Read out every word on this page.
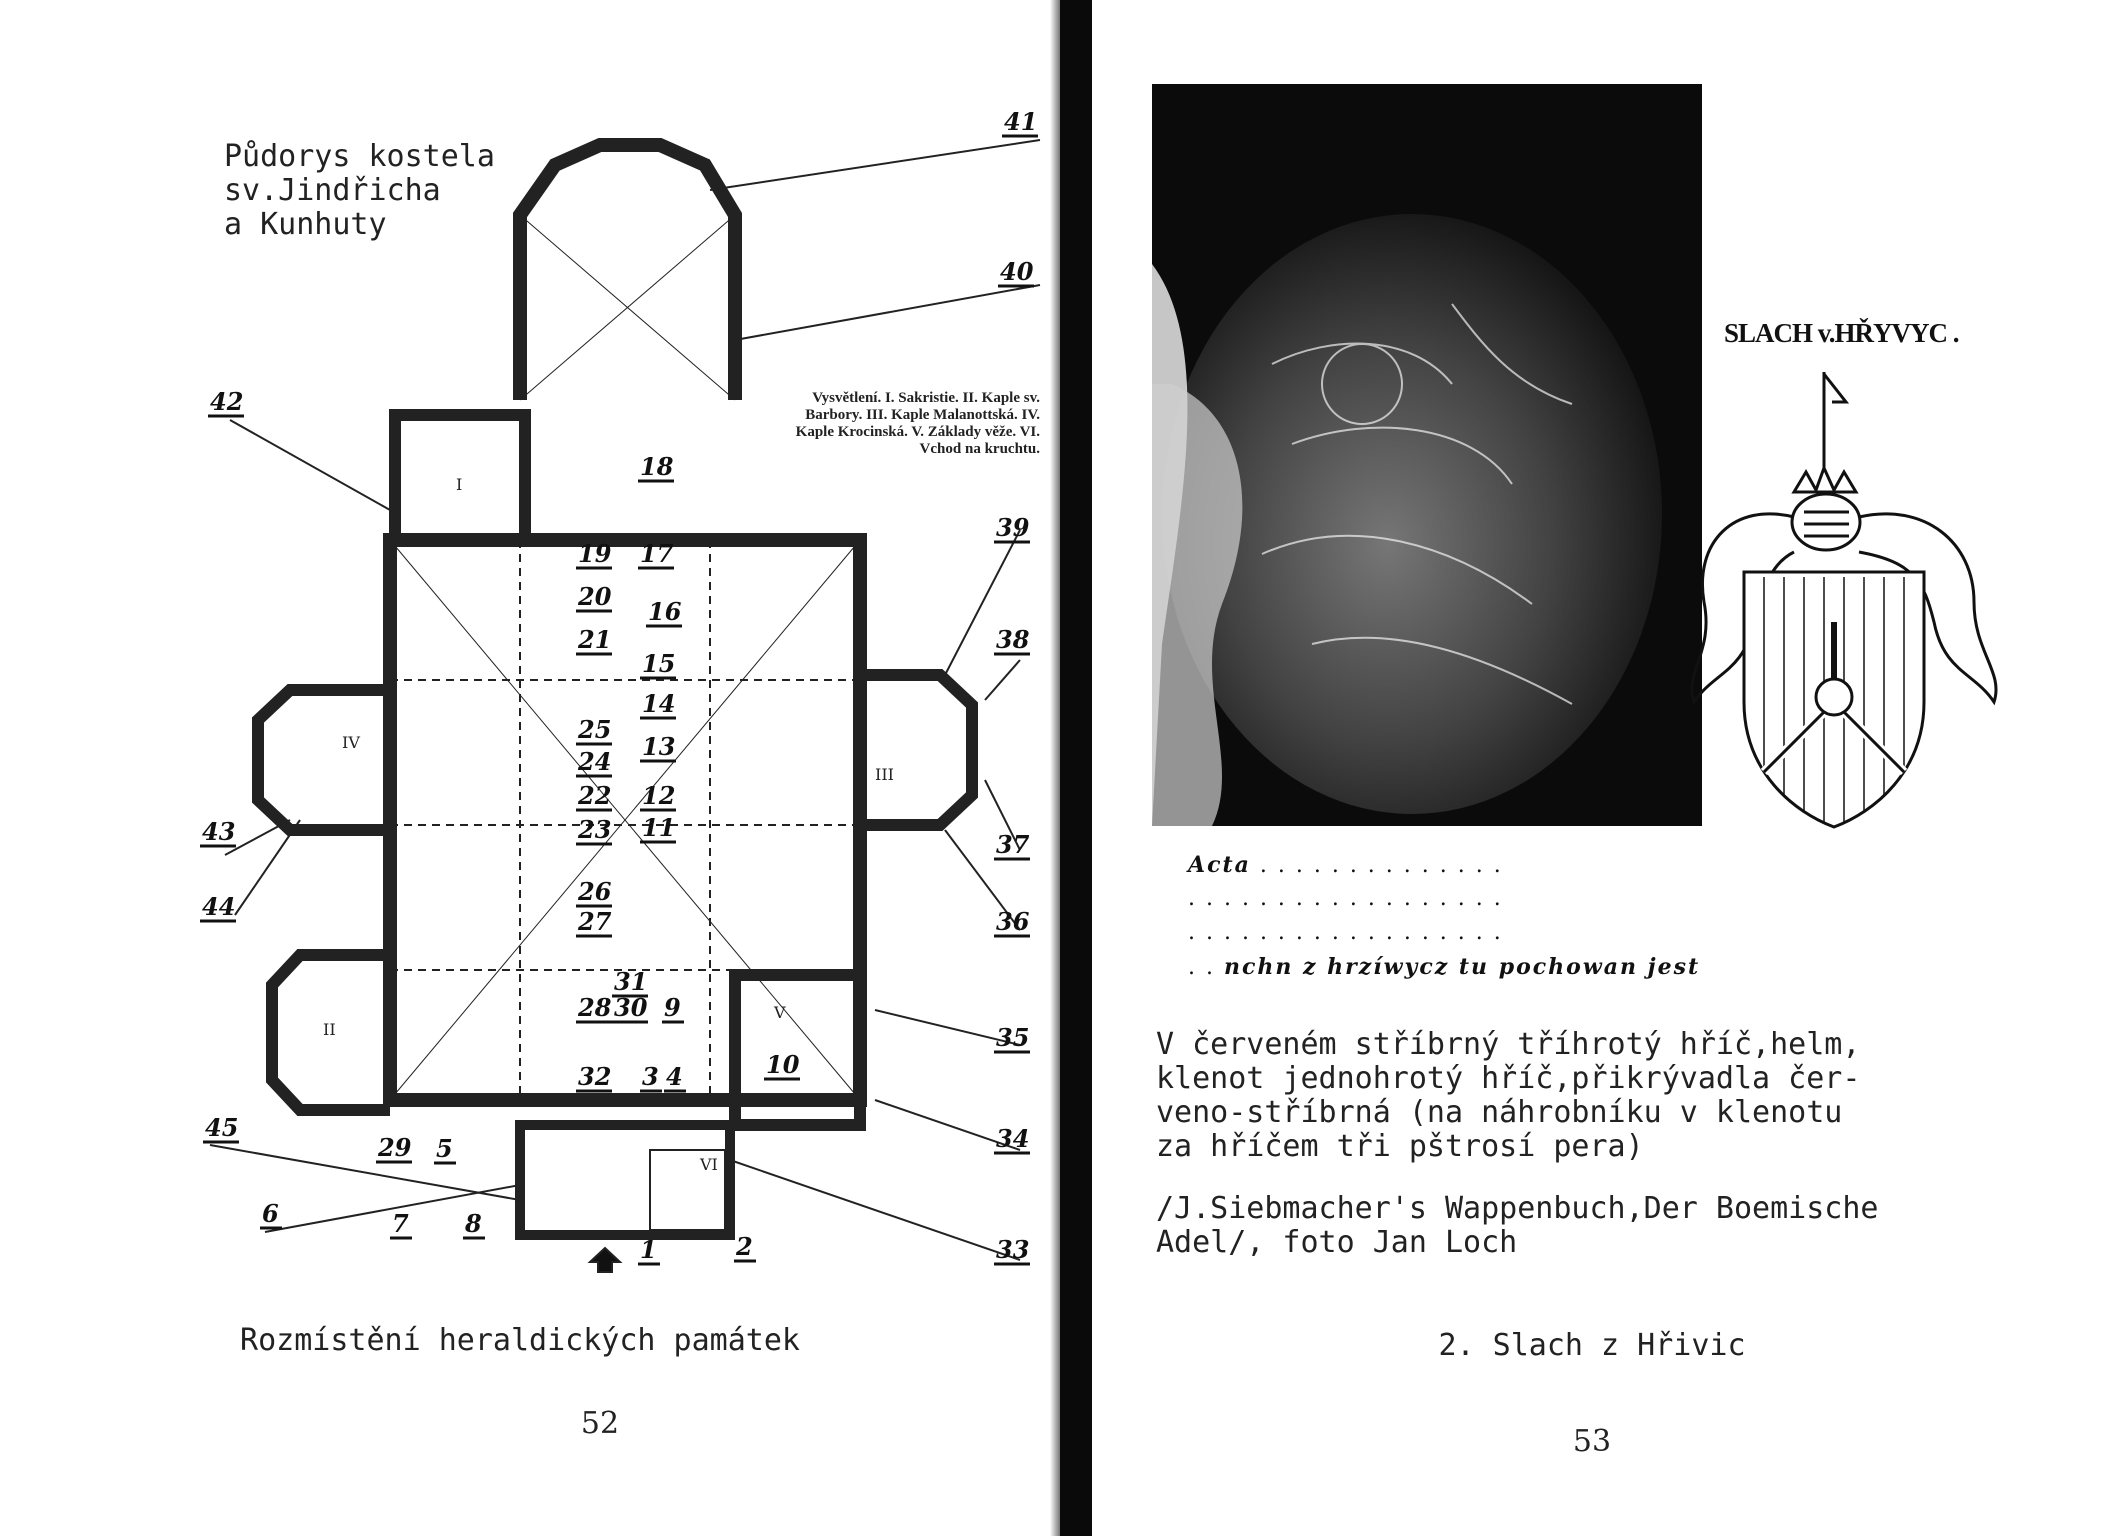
I
II
III
IV
V
VI
1	2
3 4
5
6	7 8
9
10
11
12
13
14
15
16
17
18
19
20
21
22
23
24
25
26
27
28
29
30
31
32
33
34
35
36
37
38
39
40
41
42
43
44
45
Půdorys kostela
sv.Jindřicha
a Kunhuty
Vysvětlení. I. Sakristie. II. Kaple sv. Barbory. III. Kaple Malanottská. IV. Kaple Krocinská. V. Základy věže. VI. Vchod na kruchtu.
Rozmístění heraldických památek
52
SLACH v.HŘYVYC .
Acta . . . . . . . . . . . . . .
. . . . . . . . . . . . . . . . . .
. . . . . . . . . . . . . . . . . .
. . nchn z hrzíwycz tu pochowan jest
V červeném stříbrný tříhrotý hříč,helm,
klenot jednohrotý hříč,přikrývadla čer-
veno-stříbrná (na náhrobníku v klenotu
za hříčem tři pštrosí pera)
/J.Siebmacher's Wappenbuch,Der Boemische
Adel/, foto Jan Loch
2. Slach z Hřivic
53
